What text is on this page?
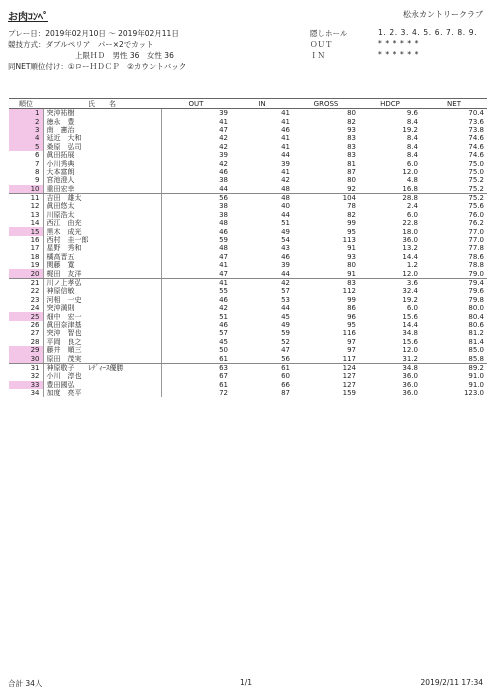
お肉ｺﾝﾍﾟ	松永カントリークラブ
プレー日：2019年02月10日 ～ 2019年02月11日
競技方式：ダブルペリア　パー×2でカット
上限ＨＤ　男性 36　女性 36
同NET順位付け：①ローＨＤＣＰ　②カウントバック
隠しホール	1. 2. 3. 4. 5. 6. 7. 8. 9.
ＯＵＴ	* * * * * *
ＩＮ	* * * * * *
順位	氏　　名	OUT	IN	GROSS	HDCP	NET
1	突沖祐樹	39	41	80	9.6	70.4
2	徳永　豊	41	41	82	8.4	73.6
3	南　憲治	47	46	93	19.2	73.8
4	延近　大和	42	41	83	8.4	74.6
5	桑原　弘司	42	41	83	8.4	74.6
6	眞田拓展	39	44	83	8.4	74.6
7	小川秀典	42	39	81	6.0	75.0
8	大本富朗	46	41	87	12.0	75.0
9	宮池澄人	38	42	80	4.8	75.2
10	重田宏幸	44	48	92	16.8	75.2
11	吉田　雄太	56	48	104	28.8	75.2
12	眞田悠太	38	40	78	2.4	75.6
13	川原浩太	38	44	82	6.0	76.0
14	西江　由充	48	51	99	22.8	76.2
15	黒木　成光	46	49	95	18.0	77.0
16	西村　圭一郎	59	54	113	36.0	77.0
17	星野　秀和	48	43	91	13.2	77.8
18	橘高晋五	47	46	93	14.4	78.6
19	関藤　寛	41	39	80	1.2	78.8
20	梶田　友洋	47	44	91	12.0	79.0
21	川ノ上孝弘	41	42	83	3.6	79.4
22	神原信敏	55	57	112	32.4	79.6
23	河相　一史	46	53	99	19.2	79.8
24	突沖満則	42	44	86	6.0	80.0
25	畑中　宏一	51	45	96	15.6	80.4
26	眞田奈津基	46	49	95	14.4	80.6
27	突沖　智也	57	59	116	34.8	81.2
28	平岡　良之	45	52	97	15.6	81.4
29	藤井　順三	50	47	97	12.0	85.0
30	原田　茂実	61	56	117	31.2	85.8
31	神原敬子　　ﾚﾃﾞｨｰｽ優勝	63	61	124	34.8	89.2
32	小川　淳也	67	60	127	36.0	91.0
33	豊田國弘	61	66	127	36.0	91.0
34	加度　亮平	72	87	159	36.0	123.0
合計 34人	1/1	2019/2/11 17:34
